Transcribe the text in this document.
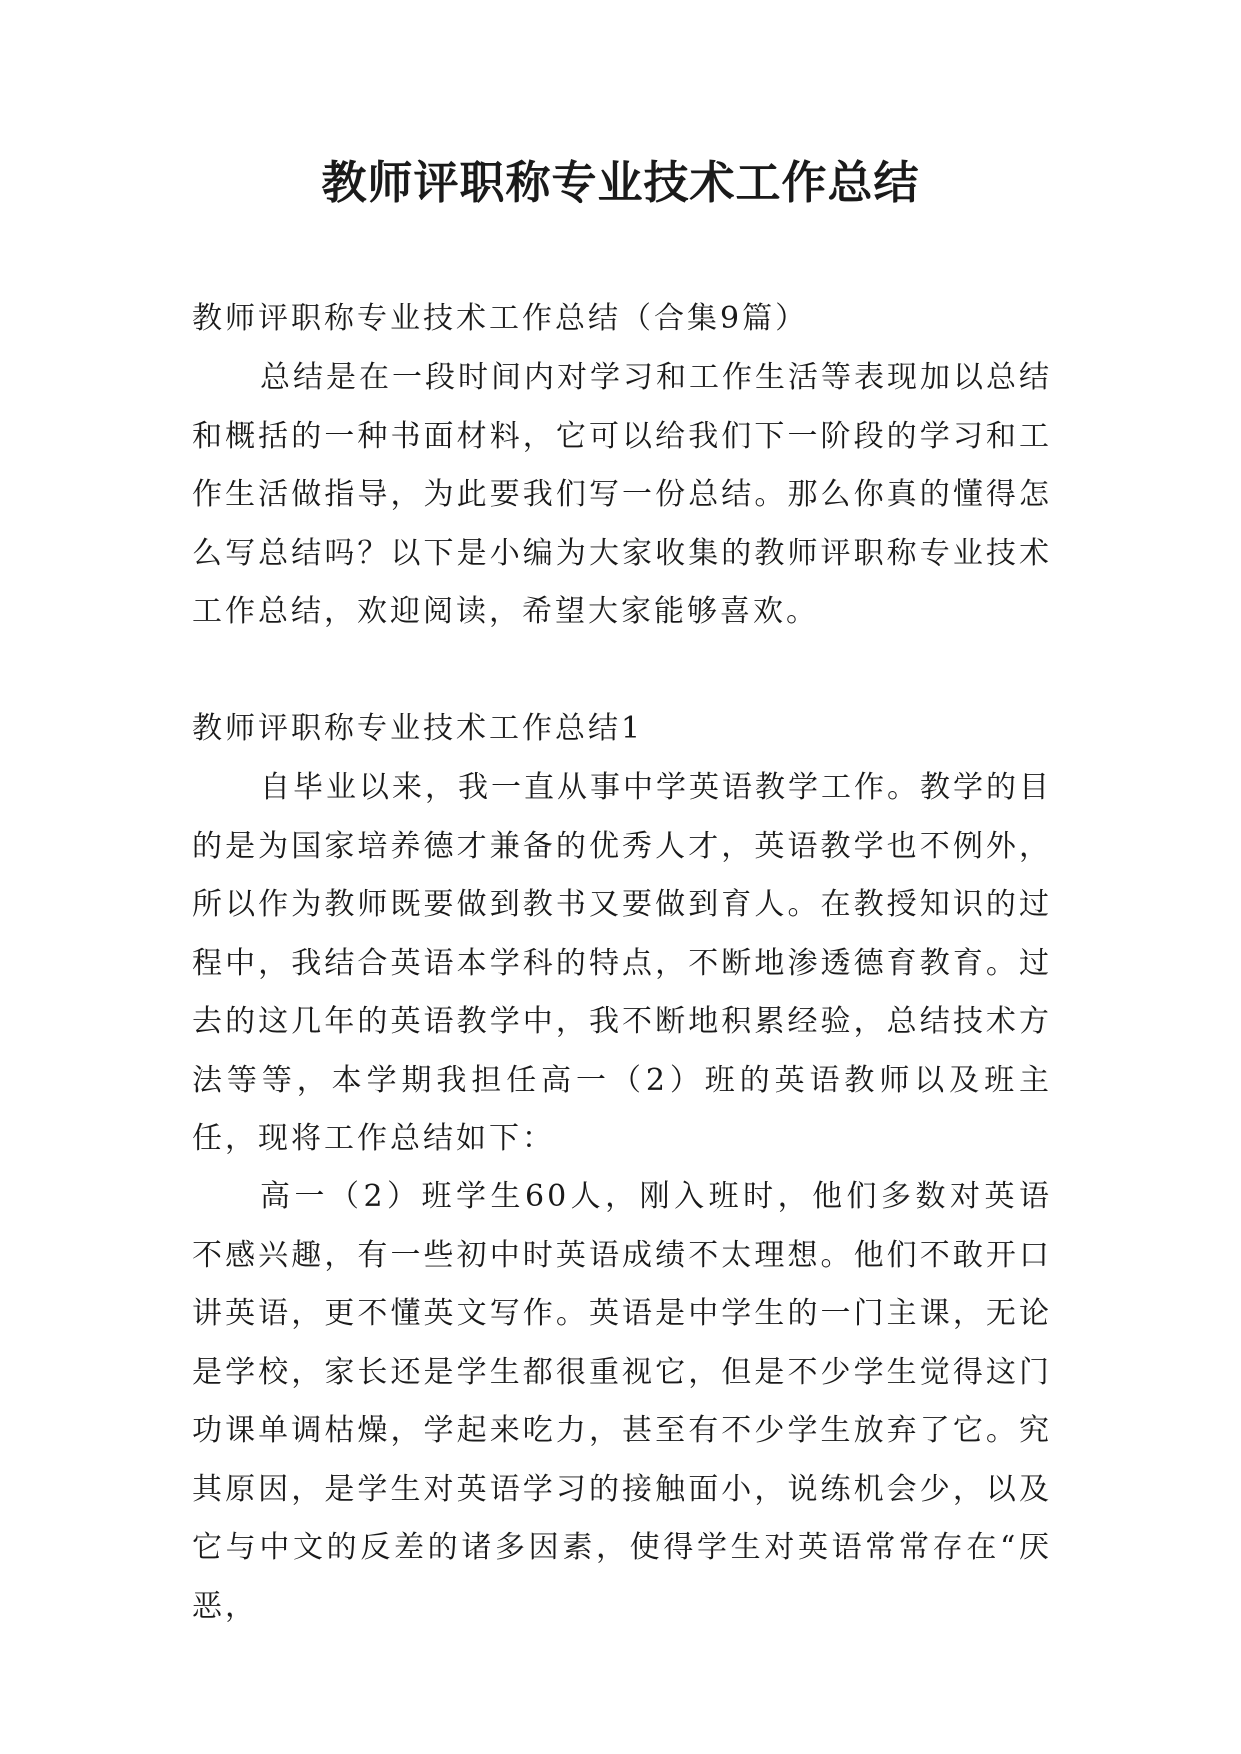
教师评职称专业技术工作总结

教师评职称专业技术工作总结（合集9篇）

总结是在一段时间内对学习和工作生活等表现加以总结和概括的一种书面材料，它可以给我们下一阶段的学习和工作生活做指导，为此要我们写一份总结。那么你真的懂得怎么写总结吗？以下是小编为大家收集的教师评职称专业技术工作总结，欢迎阅读，希望大家能够喜欢。

教师评职称专业技术工作总结1

自毕业以来，我一直从事中学英语教学工作。教学的目的是为国家培养德才兼备的优秀人才，英语教学也不例外，所以作为教师既要做到教书又要做到育人。在教授知识的过程中，我结合英语本学科的特点，不断地渗透德育教育。过去的这几年的英语教学中，我不断地积累经验，总结技术方法等等，本学期我担任高一（2）班的英语教师以及班主任，现将工作总结如下：

高一（2）班学生60人，刚入班时，他们多数对英语不感兴趣，有一些初中时英语成绩不太理想。他们不敢开口讲英语，更不懂英文写作。英语是中学生的一门主课，无论是学校，家长还是学生都很重视它，但是不少学生觉得这门功课单调枯燥，学起来吃力，甚至有不少学生放弃了它。究其原因，是学生对英语学习的接触面小，说练机会少，以及它与中文的反差的诸多因素，使得学生对英语常常存在“厌恶，
